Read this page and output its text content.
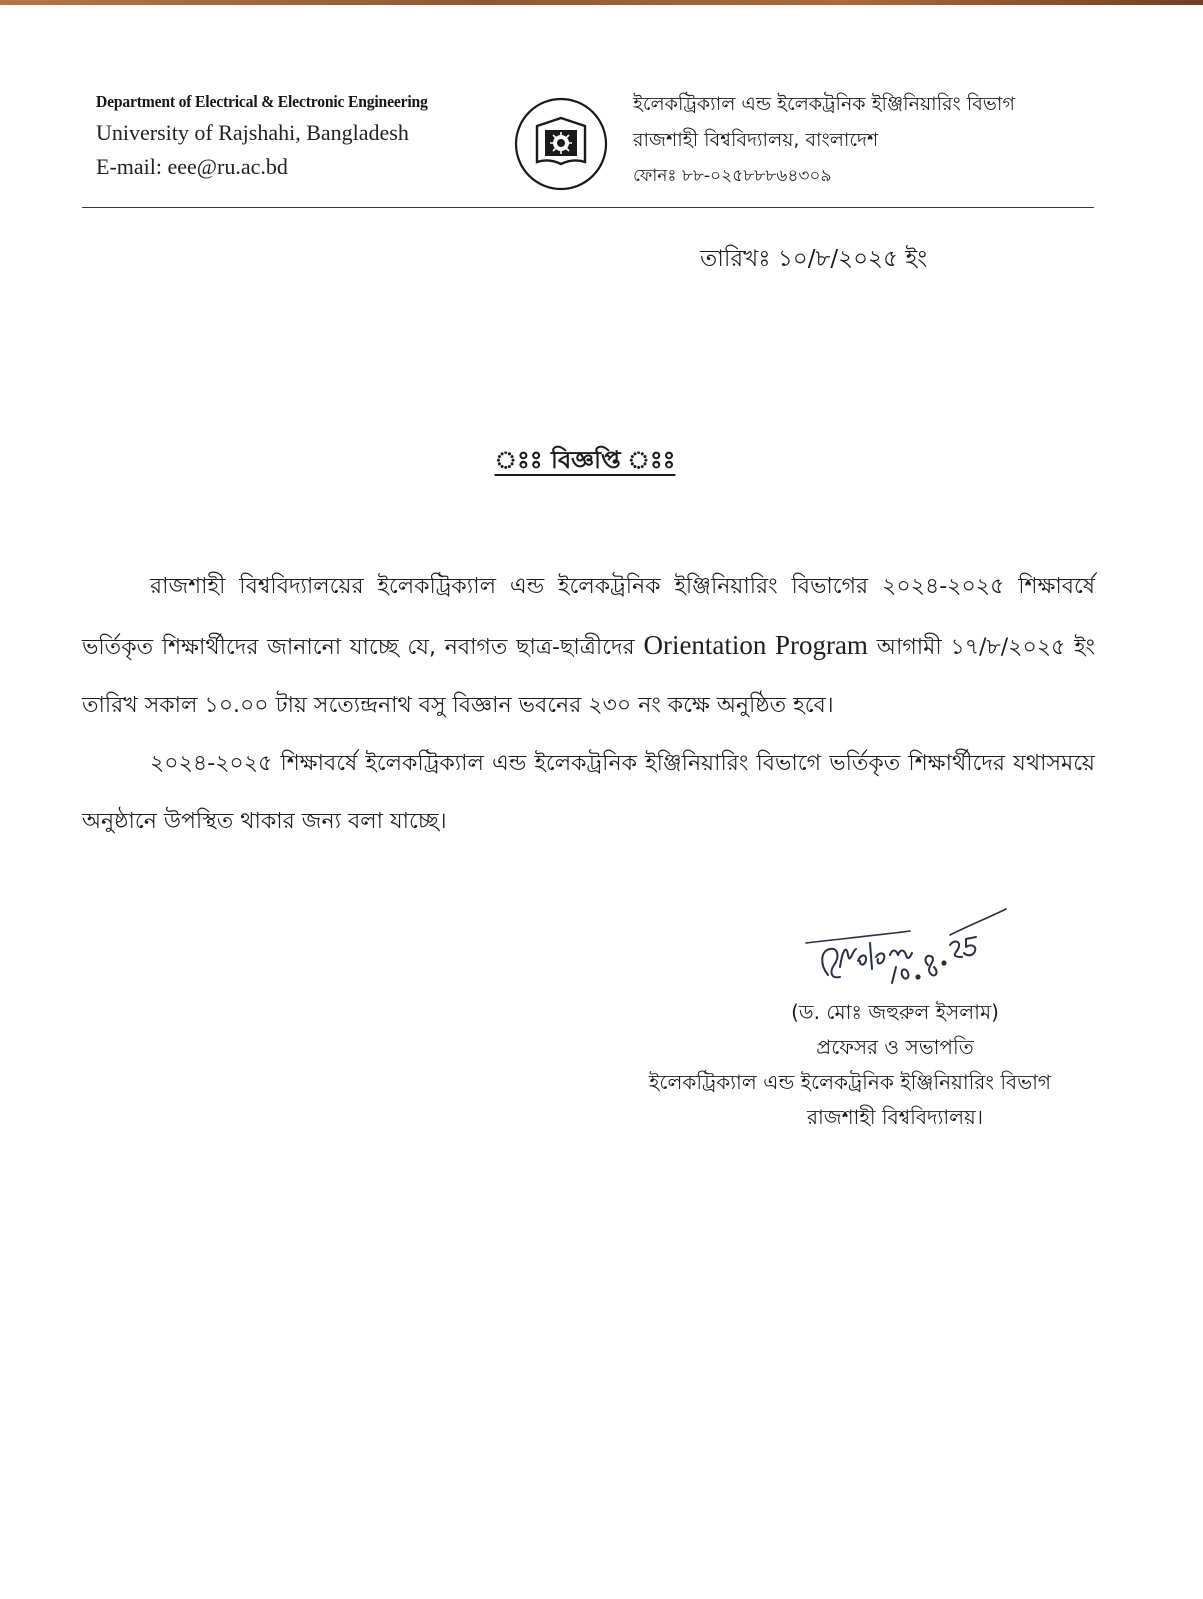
Department of Electrical & Electronic Engineering
University of Rajshahi, Bangladesh
E-mail: eee@ru.ac.bd
ইলেকট্রিক্যাল এন্ড ইলেকট্রনিক ইঞ্জিনিয়ারিং বিভাগ
রাজশাহী বিশ্ববিদ্যালয়, বাংলাদেশ
ফোনঃ ৮৮-০২৫৮৮৮৬৪৩০৯
তারিখঃ ১০/৮/২০২৫ ইং
ঃঃ বিজ্ঞপ্তি ঃঃ

রাজশাহী বিশ্ববিদ্যালয়ের ইলেকট্রিক্যাল এন্ড ইলেকট্রনিক ইঞ্জিনিয়ারিং বিভাগের ২০২৪-২০২৫ শিক্ষাবর্ষে ভর্তিকৃত শিক্ষার্থীদের জানানো যাচ্ছে যে, নবাগত ছাত্র-ছাত্রীদের Orientation Program আগামী ১৭/৮/২০২৫ ইং তারিখ সকাল ১০.০০ টায় সত্যেন্দ্রনাথ বসু বিজ্ঞান ভবনের ২৩০ নং কক্ষে অনুষ্ঠিত হবে।

২০২৪-২০২৫ শিক্ষাবর্ষে ইলেকট্রিক্যাল এন্ড ইলেকট্রনিক ইঞ্জিনিয়ারিং বিভাগে ভর্তিকৃত শিক্ষার্থীদের যথাসময়ে অনুষ্ঠানে উপস্থিত থাকার জন্য বলা যাচ্ছে।

(ড. মোঃ জহুরুল ইসলাম)
প্রফেসর ও সভাপতি
ইলেকট্রিক্যাল এন্ড ইলেকট্রনিক ইঞ্জিনিয়ারিং বিভাগ
রাজশাহী বিশ্ববিদ্যালয়।
